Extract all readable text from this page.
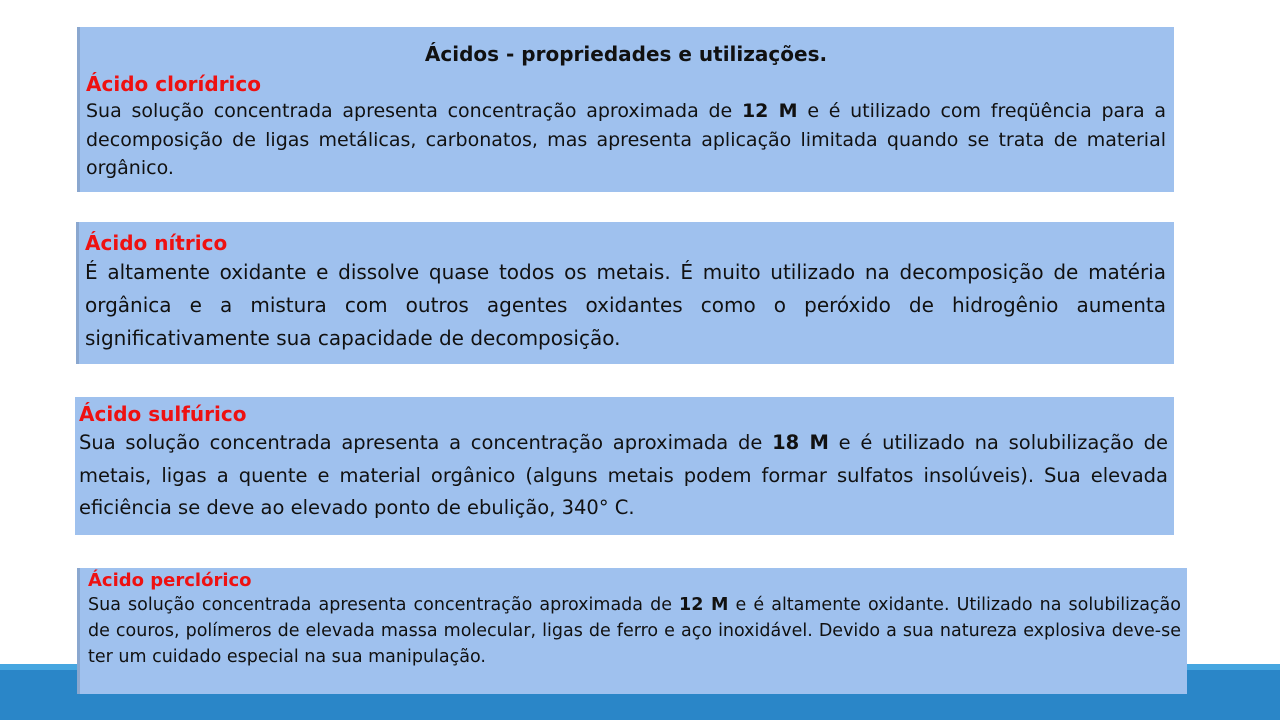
Ácidos - propriedades e utilizações.
Ácido clorídrico
Sua solução concentrada apresenta concentração aproximada de 12 M e é utilizado com freqüência para a decomposição de ligas metálicas, carbonatos, mas apresenta aplicação limitada quando se trata de material orgânico.
Ácido nítrico
É altamente oxidante e dissolve quase todos os metais. É muito utilizado na decomposição de matéria orgânica e a mistura com outros agentes oxidantes como o peróxido de hidrogênio aumenta significativamente sua capacidade de decomposição.
Ácido sulfúrico
Sua solução concentrada apresenta a concentração aproximada de 18 M e é utilizado na solubilização de metais, ligas a quente e material orgânico (alguns metais podem formar sulfatos insolúveis). Sua elevada eficiência se deve ao elevado ponto de ebulição, 340° C.
Ácido perclórico
Sua solução concentrada apresenta concentração aproximada de 12 M e é altamente oxidante. Utilizado na solubilização de couros, polímeros de elevada massa molecular, ligas de ferro e aço inoxidável. Devido a sua natureza explosiva deve-se ter um cuidado especial na sua manipulação.
